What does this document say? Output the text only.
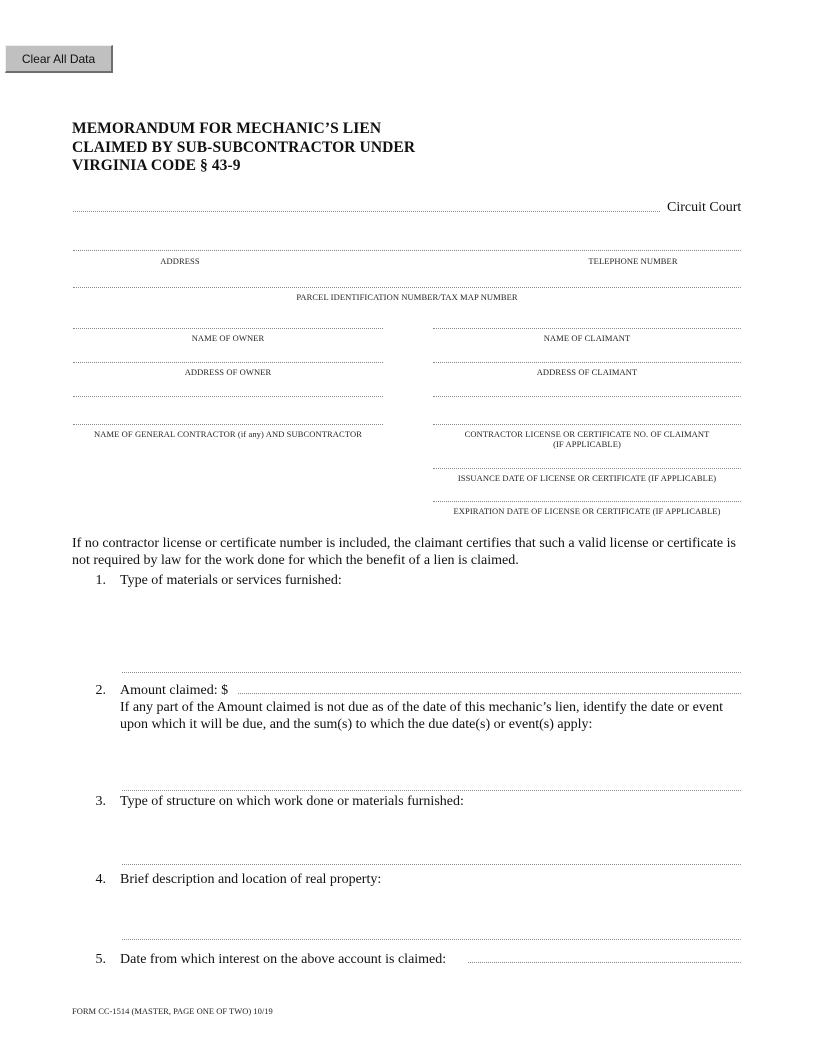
Clear All Data
MEMORANDUM FOR MECHANIC’S LIEN
CLAIMED BY SUB-SUBCONTRACTOR UNDER
VIRGINIA CODE § 43-9
Circuit Court
ADDRESS	TELEPHONE NUMBER
PARCEL IDENTIFICATION NUMBER/TAX MAP NUMBER
NAME OF OWNER
ADDRESS OF OWNER
NAME OF GENERAL CONTRACTOR (if any) AND SUBCONTRACTOR
NAME OF CLAIMANT
ADDRESS OF CLAIMANT
CONTRACTOR LICENSE OR CERTIFICATE NO. OF CLAIMANT
(IF APPLICABLE)
ISSUANCE DATE OF LICENSE OR CERTIFICATE (IF APPLICABLE)
EXPIRATION DATE OF LICENSE OR CERTIFICATE (IF APPLICABLE)
If no contractor license or certificate number is included, the claimant certifies that such a valid license or certificate is not required by law for the work done for which the benefit of a lien is claimed.
1. Type of materials or services furnished:
2. Amount claimed: $
If any part of the Amount claimed is not due as of the date of this mechanic’s lien, identify the date or event upon which it will be due, and the sum(s) to which the due date(s) or event(s) apply:
3. Type of structure on which work done or materials furnished:
4. Brief description and location of real property:
5. Date from which interest on the above account is claimed:
FORM CC-1514 (MASTER, PAGE ONE OF TWO) 10/19
